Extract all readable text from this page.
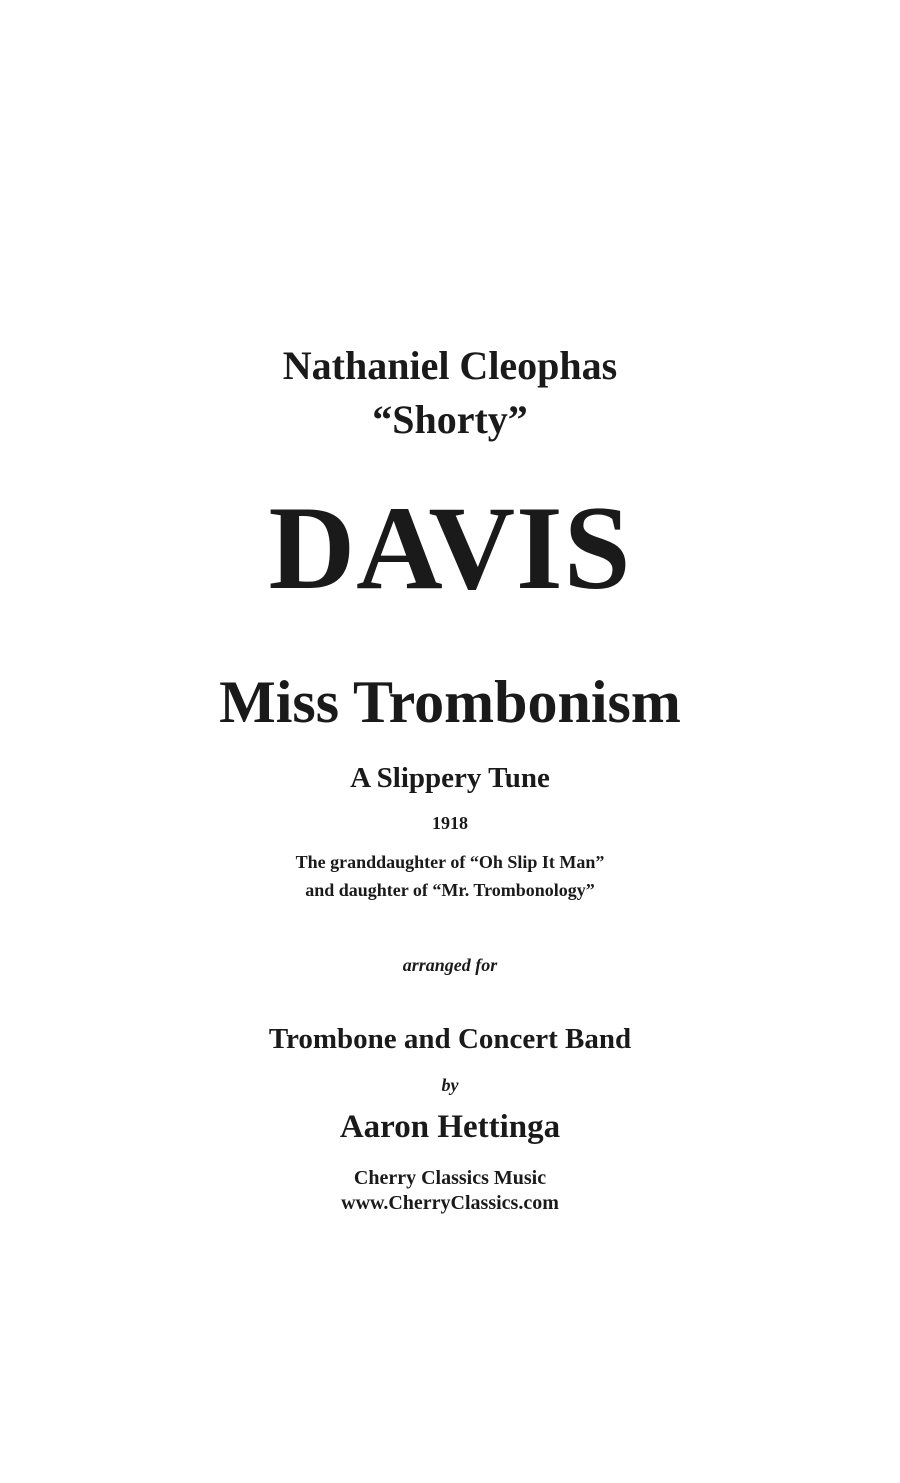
Nathaniel Cleophas
“Shorty”
DAVIS
Miss Trombonism
A Slippery Tune
1918
The granddaughter of “Oh Slip It Man”
and daughter of “Mr. Trombonology”
arranged for
Trombone and Concert Band
by
Aaron Hettinga
Cherry Classics Music
www.CherryClassics.com
